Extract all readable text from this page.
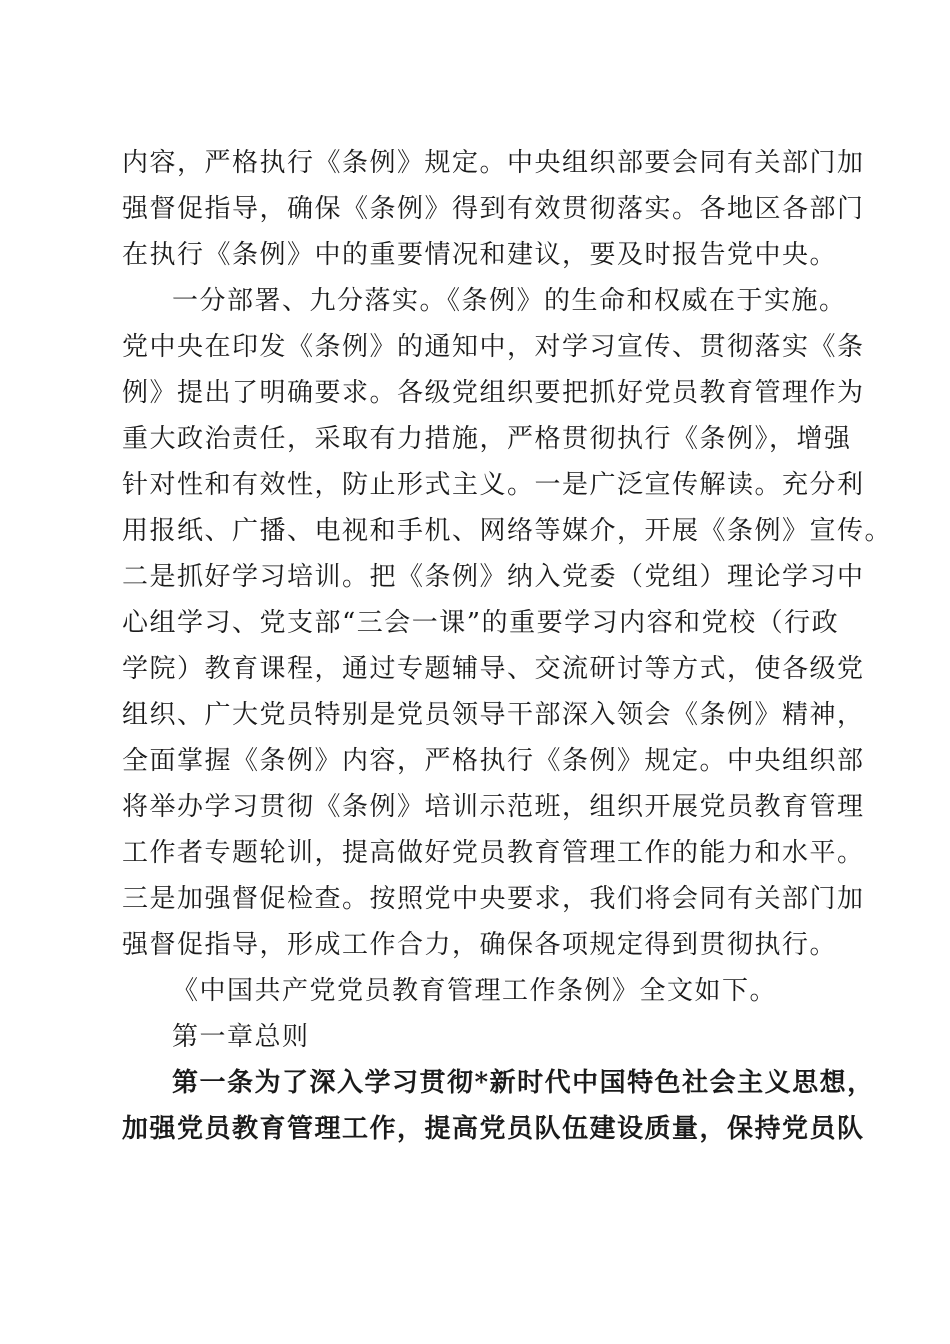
内容，严格执行《条例》规定。中央组织部要会同有关部门加
强督促指导，确保《条例》得到有效贯彻落实。各地区各部门
在执行《条例》中的重要情况和建议，要及时报告党中央。
一分部署、九分落实。《条例》的生命和权威在于实施。
党中央在印发《条例》的通知中，对学习宣传、贯彻落实《条
例》提出了明确要求。各级党组织要把抓好党员教育管理作为
重大政治责任，采取有力措施，严格贯彻执行《条例》，增强
针对性和有效性，防止形式主义。一是广泛宣传解读。充分利
用报纸、广播、电视和手机、网络等媒介，开展《条例》宣传。
二是抓好学习培训。把《条例》纳入党委（党组）理论学习中
心组学习、党支部“三会一课”的重要学习内容和党校（行政
学院）教育课程，通过专题辅导、交流研讨等方式，使各级党
组织、广大党员特别是党员领导干部深入领会《条例》精神，
全面掌握《条例》内容，严格执行《条例》规定。中央组织部
将举办学习贯彻《条例》培训示范班，组织开展党员教育管理
工作者专题轮训，提高做好党员教育管理工作的能力和水平。
三是加强督促检查。按照党中央要求，我们将会同有关部门加
强督促指导，形成工作合力，确保各项规定得到贯彻执行。
《中国共产党党员教育管理工作条例》全文如下。
第一章总则
第一条为了深入学习贯彻*新时代中国特色社会主义思想，
加强党员教育管理工作，提高党员队伍建设质量，保持党员队
